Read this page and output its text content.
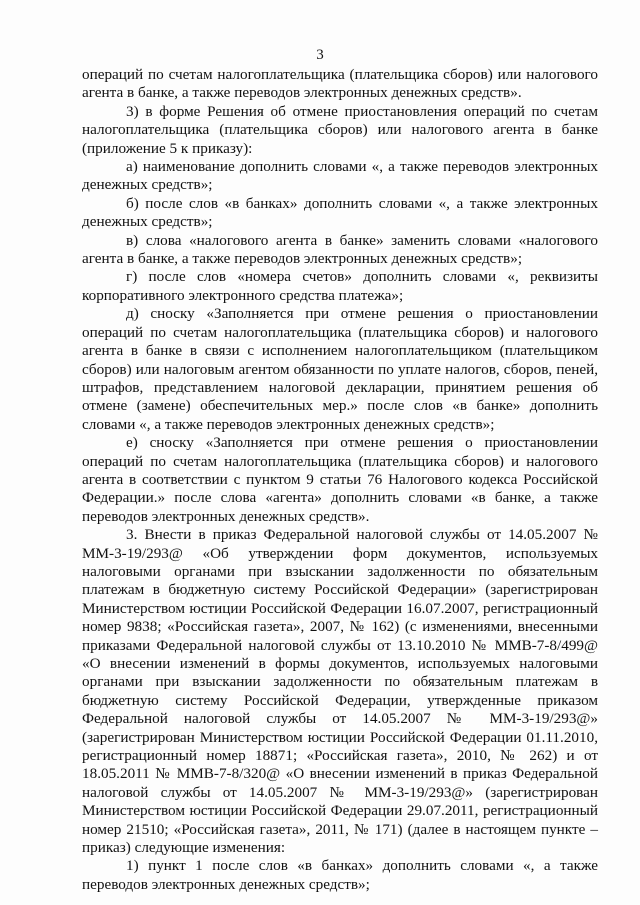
3

операций по счетам налогоплательщика (плательщика сборов) или налогового агента в банке, а также переводов электронных денежных средств».

3) в форме Решения об отмене приостановления операций по счетам налогоплательщика (плательщика сборов) или налогового агента в банке (приложение 5 к приказу):

а) наименование дополнить словами «, а также переводов электронных денежных средств»;

б) после слов «в банках» дополнить словами «, а также электронных денежных средств»;

в) слова «налогового агента в банке» заменить словами «налогового агента в банке, а также переводов электронных денежных средств»;

г) после слов «номера счетов» дополнить словами «, реквизиты корпоративного электронного средства платежа»;

д) сноску «Заполняется при отмене решения о приостановлении операций по счетам налогоплательщика (плательщика сборов) и налогового агента в банке в связи с исполнением налогоплательщиком (плательщиком сборов) или налоговым агентом обязанности по уплате налогов, сборов, пеней, штрафов, представлением налоговой декларации, принятием решения об отмене (замене) обеспечительных мер.» после слов «в банке» дополнить словами «, а также переводов электронных денежных средств»;

е) сноску «Заполняется при отмене решения о приостановлении операций по счетам налогоплательщика (плательщика сборов) и налогового агента в соответствии с пунктом 9 статьи 76 Налогового кодекса Российской Федерации.» после слова «агента» дополнить словами «в банке, а также переводов электронных денежных средств».

3. Внести в приказ Федеральной налоговой службы от 14.05.2007 № ММ-3-19/293@ «Об утверждении форм документов, используемых налоговыми органами при взыскании задолженности по обязательным платежам в бюджетную систему Российской Федерации» (зарегистрирован Министерством юстиции Российской Федерации 16.07.2007, регистрационный номер 9838; «Российская газета», 2007, № 162) (с изменениями, внесенными приказами Федеральной налоговой службы от 13.10.2010 № ММВ-7-8/499@ «О внесении изменений в формы документов, используемых налоговыми органами при взыскании задолженности по обязательным платежам в бюджетную систему Российской Федерации, утвержденные приказом Федеральной налоговой службы от 14.05.2007 № ММ-3-19/293@» (зарегистрирован Министерством юстиции Российской Федерации 01.11.2010, регистрационный номер 18871; «Российская газета», 2010, № 262) и от 18.05.2011 № ММВ-7-8/320@ «О внесении изменений в приказ Федеральной налоговой службы от 14.05.2007 № ММ-3-19/293@» (зарегистрирован Министерством юстиции Российской Федерации 29.07.2011, регистрационный номер 21510; «Российская газета», 2011, № 171) (далее в настоящем пункте – приказ) следующие изменения:

1) пункт 1 после слов «в банках» дополнить словами «, а также переводов электронных денежных средств»;
